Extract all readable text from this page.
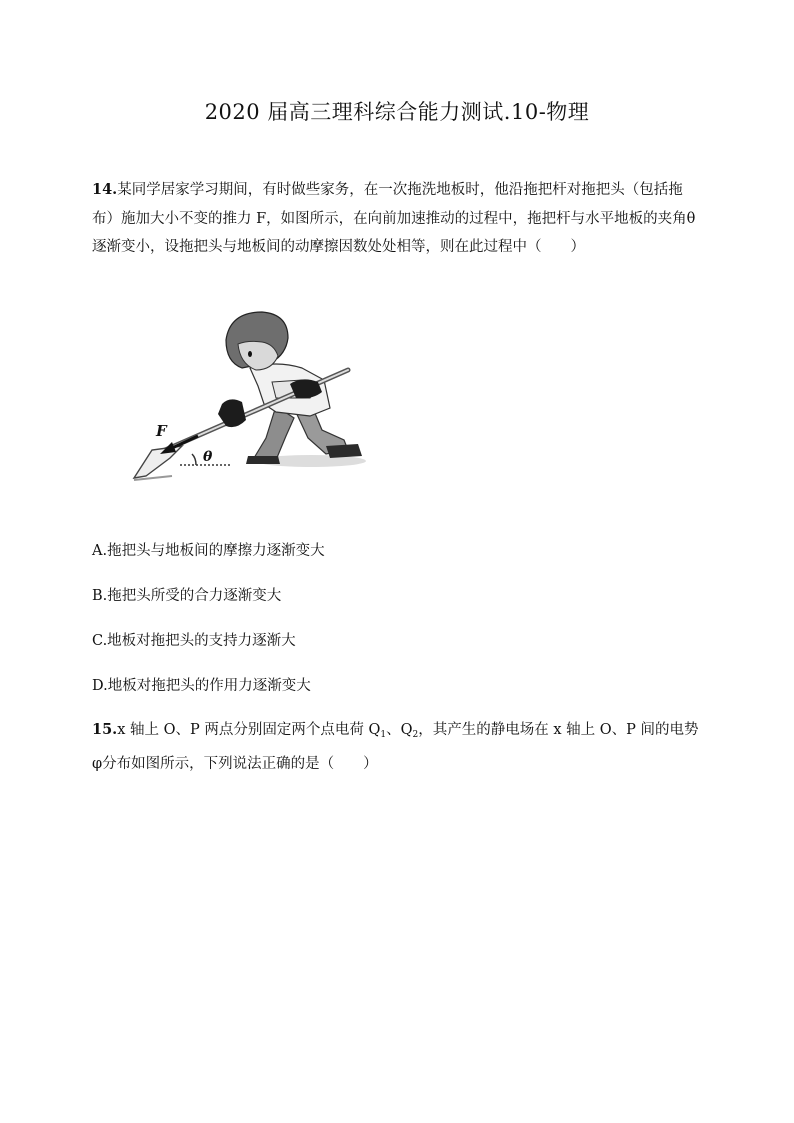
2020 届高三理科综合能力测试.10-物理
14.某同学居家学习期间，有时做些家务，在一次拖洗地板时，他沿拖把杆对拖把头（包括拖布）施加大小不变的推力 F，如图所示，在向前加速推动的过程中，拖把杆与水平地板的夹角θ逐渐变小，设拖把头与地板间的动摩擦因数处处相等，则在此过程中（　　）
F
θ
A.拖把头与地板间的摩擦力逐渐变大
B.拖把头所受的合力逐渐变大
C.地板对拖把头的支持力逐渐大
D.地板对拖把头的作用力逐渐变大
15.x 轴上 O、P 两点分别固定两个点电荷 $Q_1$、$Q_2$，其产生的静电场在 x 轴上 O、P 间的电势φ分布如图所示，下列说法正确的是（　　）
